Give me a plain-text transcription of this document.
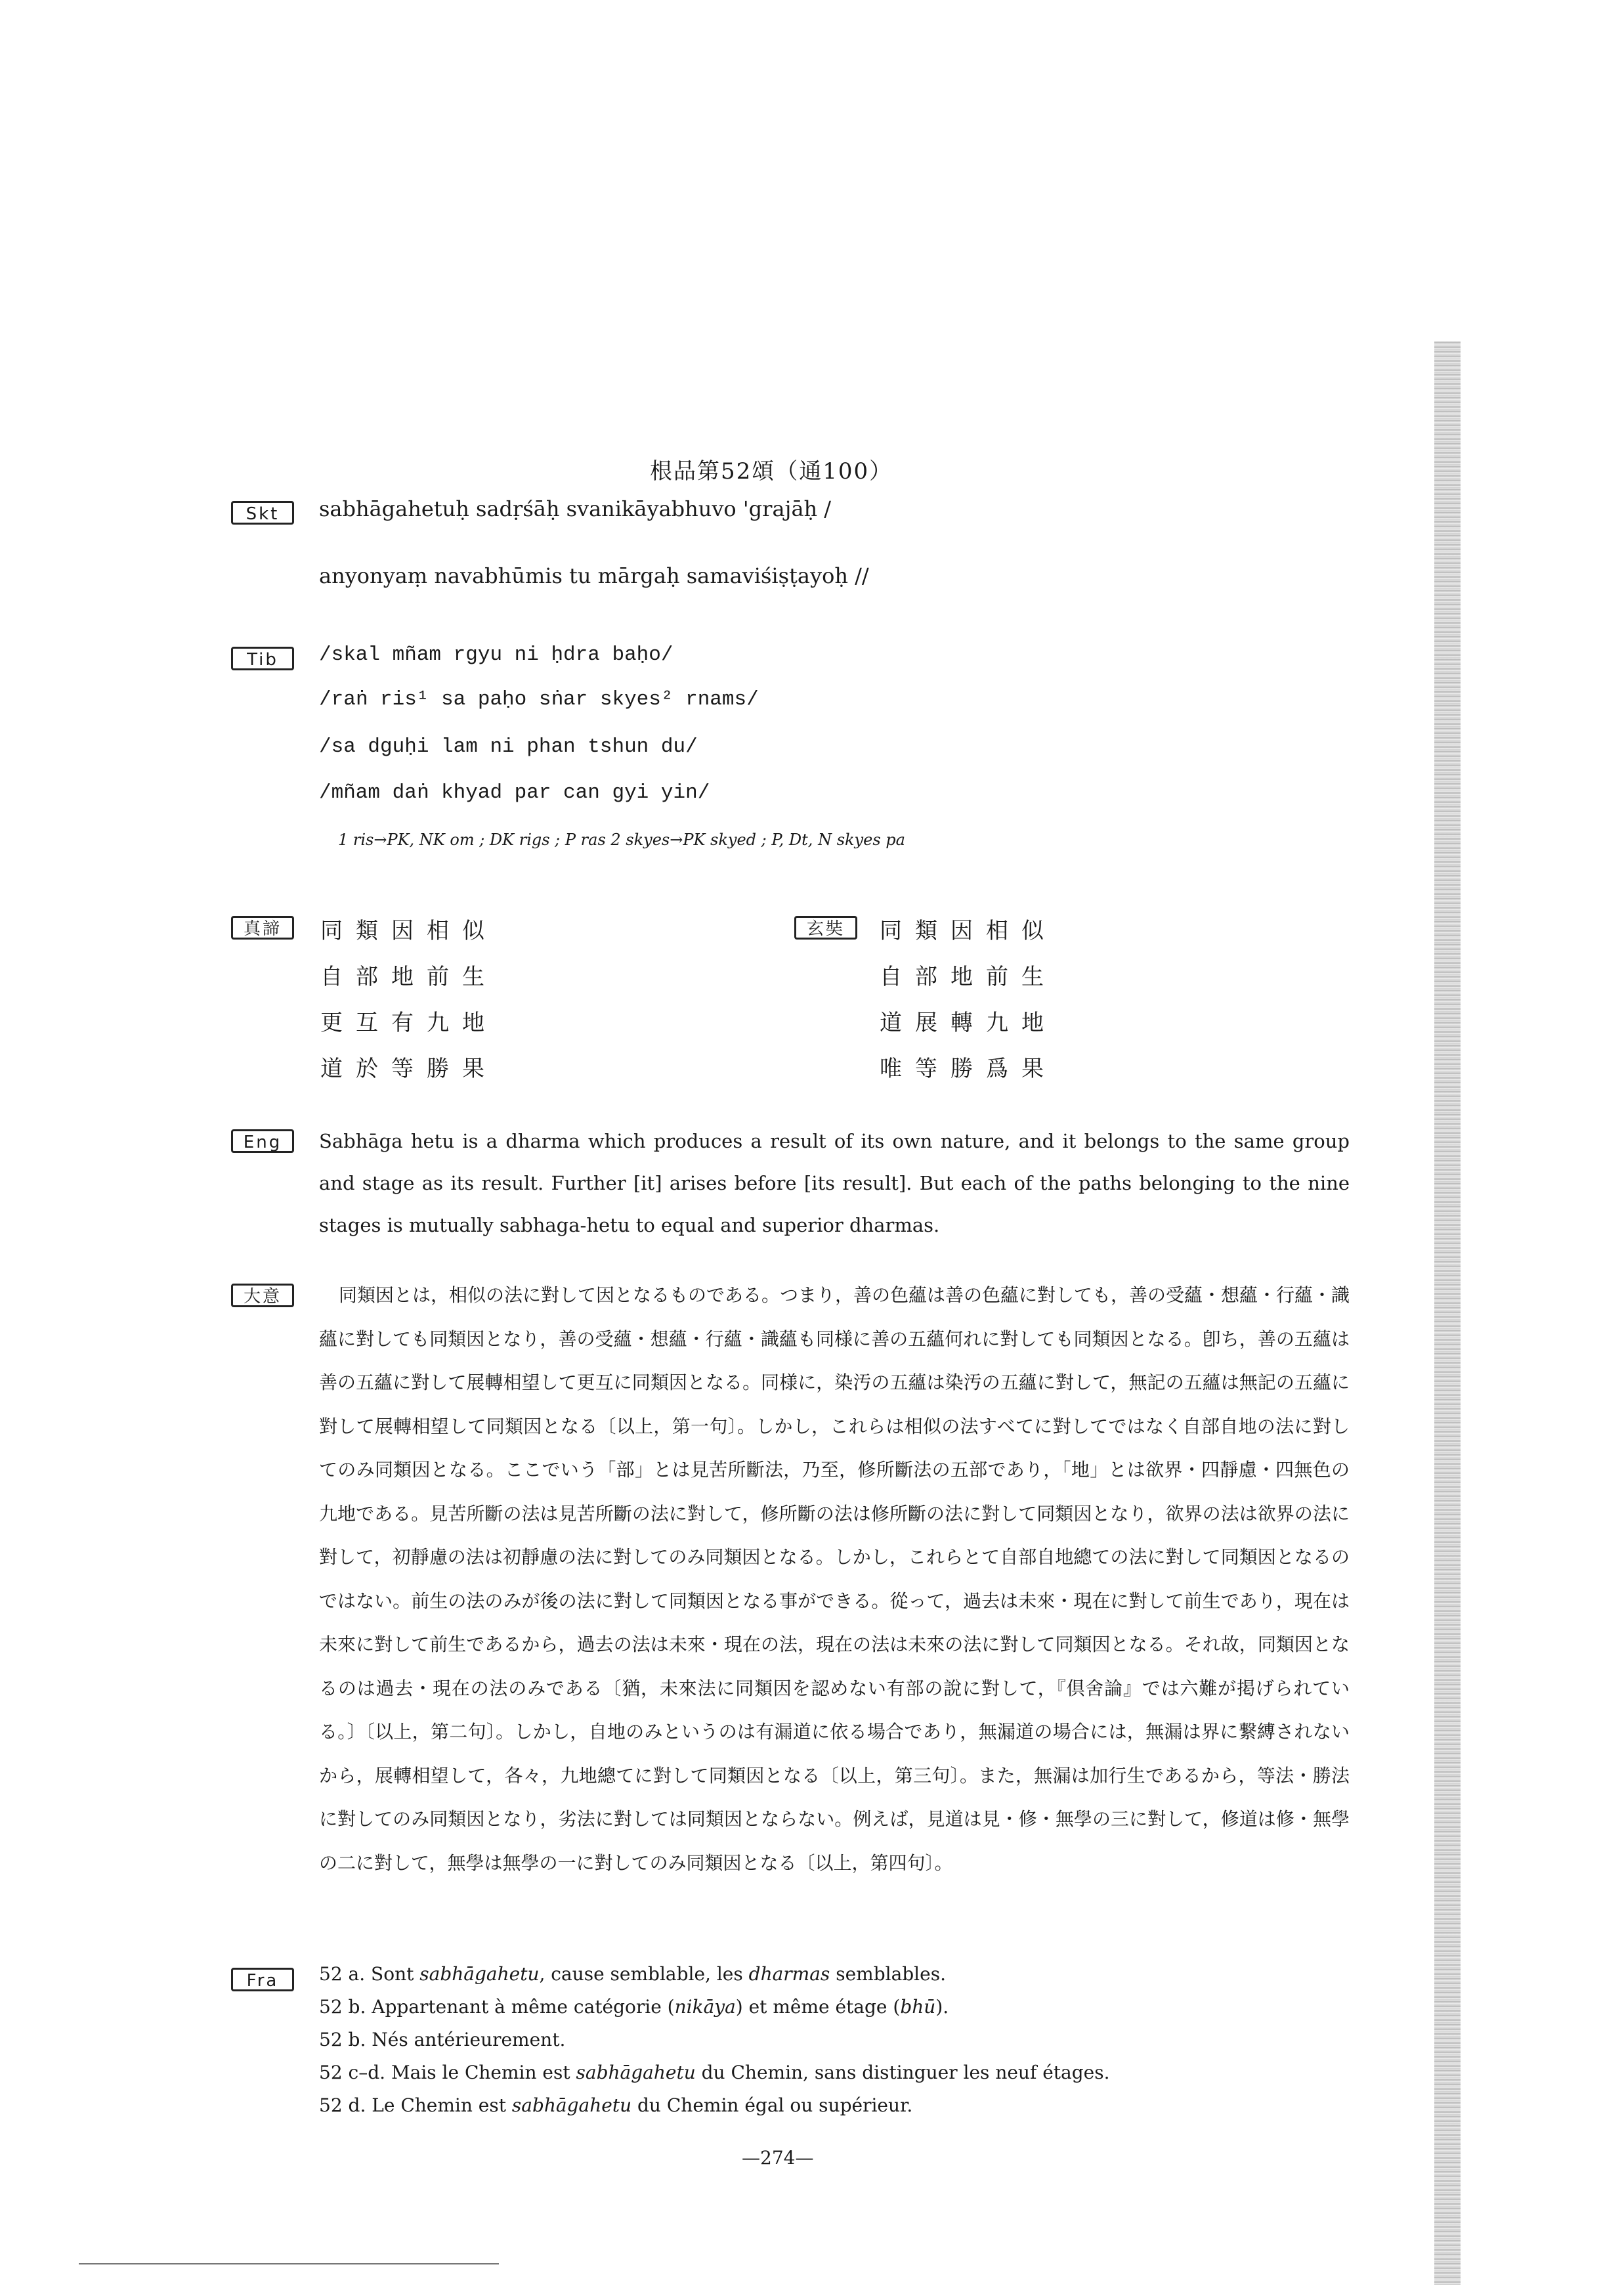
根品第52頌（通100）
Skt	sabhāgahetuḥ sadṛśāḥ svanikāyabhuvo 'grajāḥ /
anyonyaṃ navabhūmis tu mārgaḥ samaviśiṣṭayoḥ //
Tib	/skal mñam rgyu ni ḥdra baḥo/
/raṅ ris¹ sa paḥo sṅar skyes² rnams/
/sa dguḥi lam ni phan tshun du/
/mñam daṅ khyad par can gyi yin/
1 ris→PK, NK om ; DK rigs ; P ras 2 skyes→PK skyed ; P, Dt, N skyes pa
真諦	同類因相似
自部地前生
更互有九地
道於等勝果
玄奘	同類因相似
自部地前生
道展轉九地
唯等勝爲果
Eng	Sabhāga hetu is a dharma which produces a result of its own nature, and it belongs to the same group and stage as its result. Further [it] arises before [its result]. But each of the paths belonging to the nine stages is mutually sabhaga-hetu to equal and superior dharmas.
大意	同類因とは，相似の法に對して因となるものである。つまり，善の色蘊は善の色蘊に對しても，善の受蘊・想蘊・行蘊・識蘊に對しても同類因となり，善の受蘊・想蘊・行蘊・識蘊も同様に善の五蘊何れに對しても同類因となる。卽ち，善の五蘊は善の五蘊に對して展轉相望して更互に同類因となる。同様に，染汚の五蘊は染汚の五蘊に對して，無記の五蘊は無記の五蘊に對して展轉相望して同類因となる〔以上，第一句〕。しかし，これらは相似の法すべてに對してではなく自部自地の法に對してのみ同類因となる。ここでいう「部」とは見苦所斷法，乃至，修所斷法の五部であり，「地」とは欲界・四靜慮・四無色の九地である。見苦所斷の法は見苦所斷の法に對して，修所斷の法は修所斷の法に對して同類因となり，欲界の法は欲界の法に對して，初靜慮の法は初靜慮の法に對してのみ同類因となる。しかし，これらとて自部自地總ての法に對して同類因となるのではない。前生の法のみが後の法に對して同類因となる事ができる。從って，過去は未來・現在に對して前生であり，現在は未來に對して前生であるから，過去の法は未來・現在の法，現在の法は未來の法に對して同類因となる。それ故，同類因となるのは過去・現在の法のみである〔猶，未來法に同類因を認めない有部の說に對して，『倶舍論』では六難が掲げられている。〕〔以上，第二句〕。しかし，自地のみというのは有漏道に依る場合であり，無漏道の場合には，無漏は界に繋縛されないから，展轉相望して，各々，九地總てに對して同類因となる〔以上，第三句〕。また，無漏は加行生であるから，等法・勝法に對してのみ同類因となり，劣法に對しては同類因とならない。例えば，見道は見・修・無學の三に對して，修道は修・無學の二に對して，無學は無學の一に對してのみ同類因となる〔以上，第四句〕。
Fra	52 a. Sont sabhāgahetu, cause semblable, les dharmas semblables.
52 b. Appartenant à même catégorie (nikāya) et même étage (bhū).
52 b. Nés antérieurement.
52 c–d. Mais le Chemin est sabhāgahetu du Chemin, sans distinguer les neuf étages.
52 d. Le Chemin est sabhāgahetu du Chemin égal ou supérieur.
—274—
